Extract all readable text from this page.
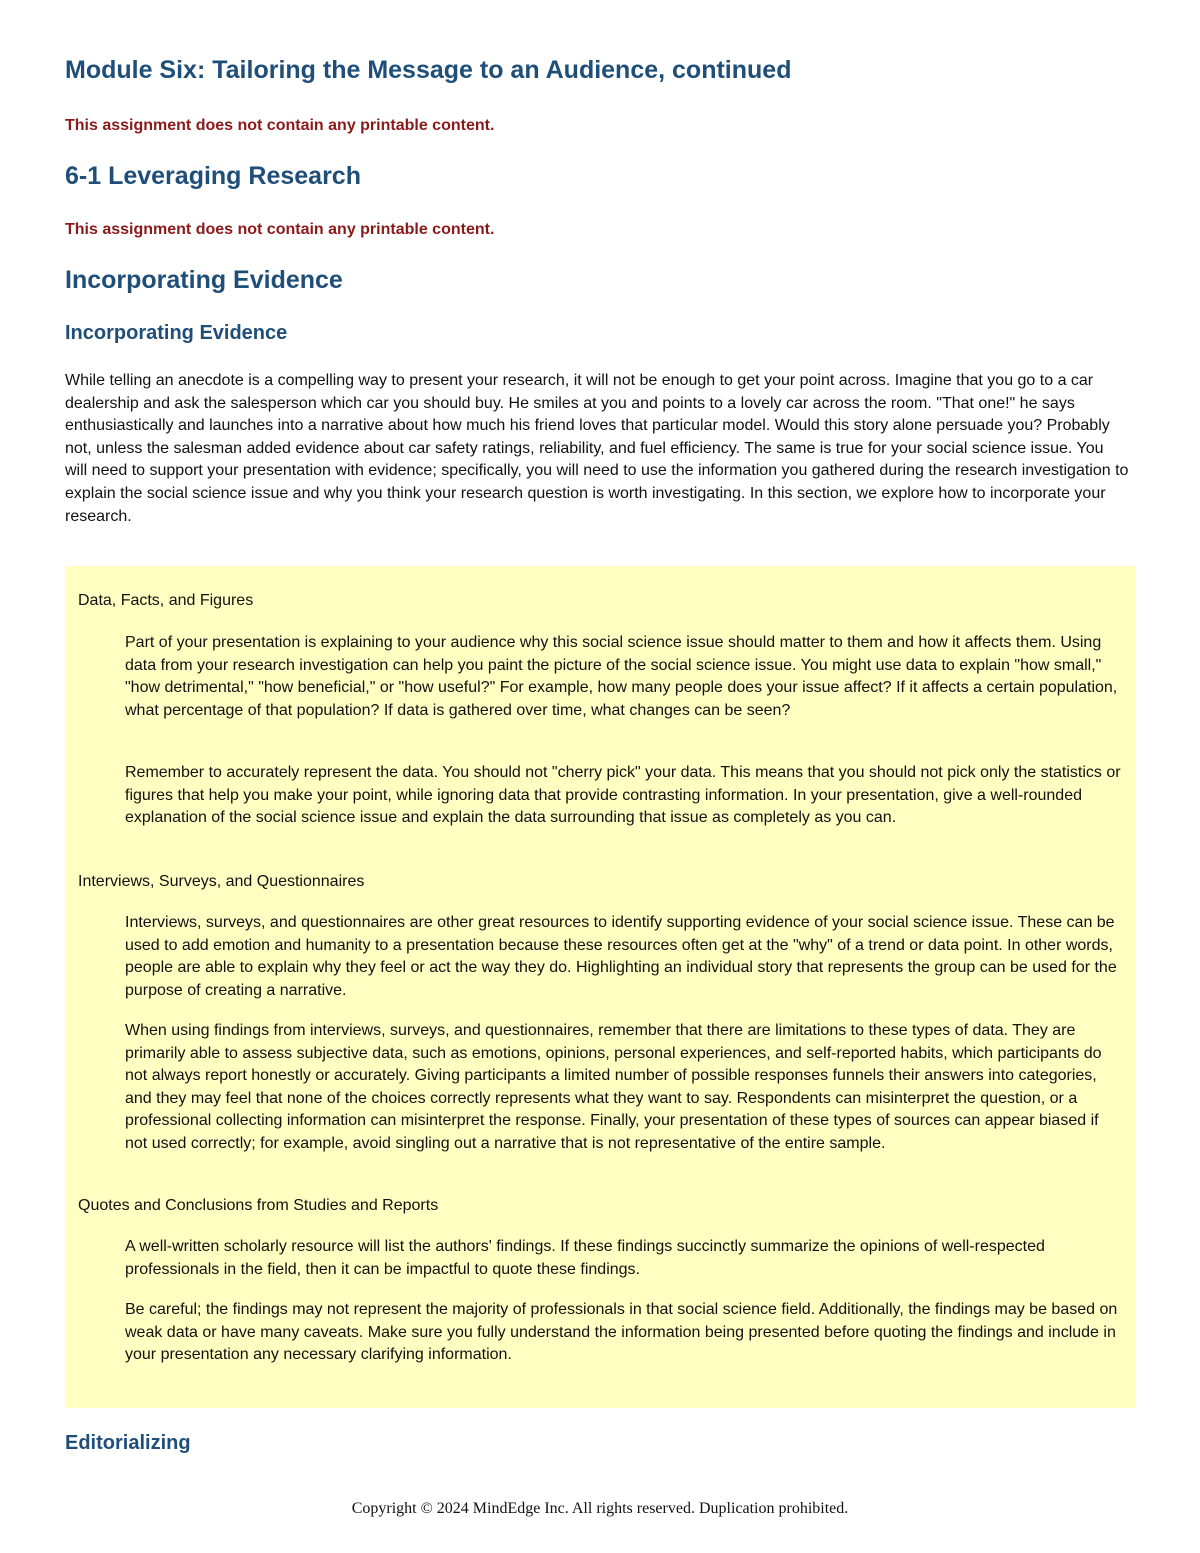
Module Six: Tailoring the Message to an Audience, continued

This assignment does not contain any printable content.

6-1 Leveraging Research

This assignment does not contain any printable content.

Incorporating Evidence
Incorporating Evidence

While telling an anecdote is a compelling way to present your research, it will not be enough to get your point across. Imagine that you go to a car dealership and ask the salesperson which car you should buy. He smiles at you and points to a lovely car across the room. "That one!" he says enthusiastically and launches into a narrative about how much his friend loves that particular model. Would this story alone persuade you? Probably not, unless the salesman added evidence about car safety ratings, reliability, and fuel efficiency. The same is true for your social science issue. You will need to support your presentation with evidence; specifically, you will need to use the information you gathered during the research investigation to explain the social science issue and why you think your research question is worth investigating. In this section, we explore how to incorporate your research.

Data, Facts, and Figures

Part of your presentation is explaining to your audience why this social science issue should matter to them and how it affects them. Using data from your research investigation can help you paint the picture of the social science issue. You might use data to explain "how small," "how detrimental," "how beneficial," or "how useful?" For example, how many people does your issue affect? If it affects a certain population, what percentage of that population? If data is gathered over time, what changes can be seen?

Remember to accurately represent the data. You should not "cherry pick" your data. This means that you should not pick only the statistics or figures that help you make your point, while ignoring data that provide contrasting information. In your presentation, give a well-rounded explanation of the social science issue and explain the data surrounding that issue as completely as you can.

Interviews, Surveys, and Questionnaires

Interviews, surveys, and questionnaires are other great resources to identify supporting evidence of your social science issue. These can be used to add emotion and humanity to a presentation because these resources often get at the "why" of a trend or data point. In other words, people are able to explain why they feel or act the way they do. Highlighting an individual story that represents the group can be used for the purpose of creating a narrative.

When using findings from interviews, surveys, and questionnaires, remember that there are limitations to these types of data. They are primarily able to assess subjective data, such as emotions, opinions, personal experiences, and self-reported habits, which participants do not always report honestly or accurately. Giving participants a limited number of possible responses funnels their answers into categories, and they may feel that none of the choices correctly represents what they want to say. Respondents can misinterpret the question, or a professional collecting information can misinterpret the response. Finally, your presentation of these types of sources can appear biased if not used correctly; for example, avoid singling out a narrative that is not representative of the entire sample.

Quotes and Conclusions from Studies and Reports

A well-written scholarly resource will list the authors' findings. If these findings succinctly summarize the opinions of well-respected professionals in the field, then it can be impactful to quote these findings.

Be careful; the findings may not represent the majority of professionals in that social science field. Additionally, the findings may be based on weak data or have many caveats. Make sure you fully understand the information being presented before quoting the findings and include in your presentation any necessary clarifying information.

Editorializing
Copyright © 2024 MindEdge Inc. All rights reserved. Duplication prohibited.
